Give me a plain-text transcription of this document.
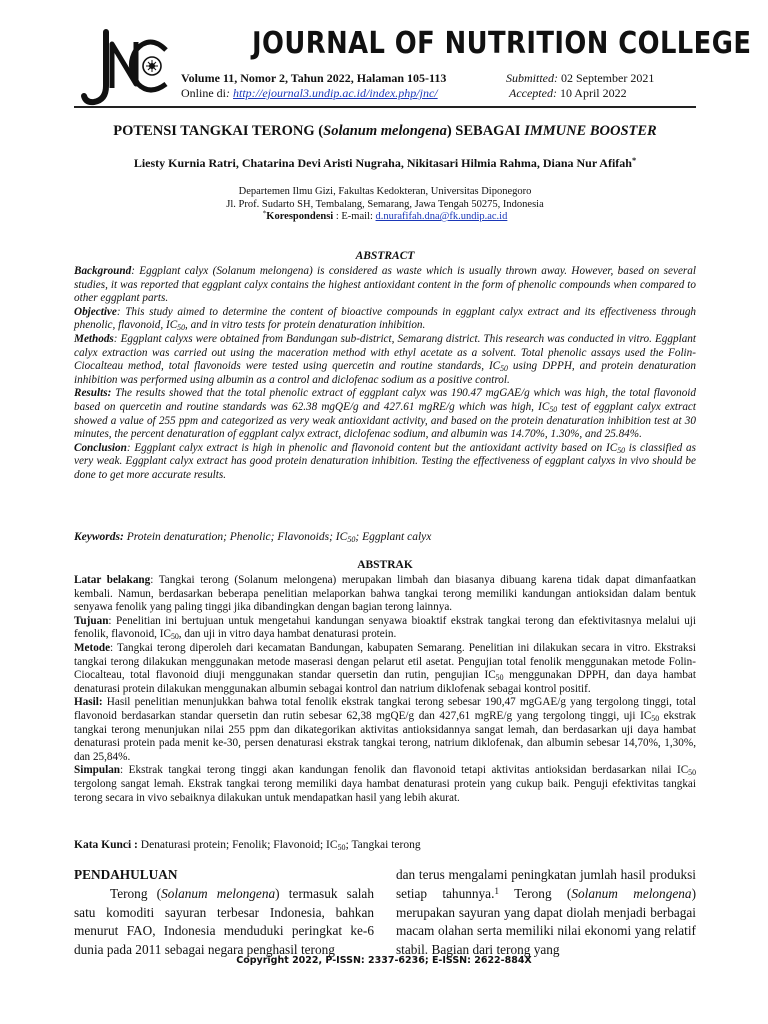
JOURNAL OF NUTRITION COLLEGE
Volume 11, Nomor 2, Tahun 2022, Halaman 105-113
Online di: http://ejournal3.undip.ac.id/index.php/jnc/
Submitted: 02 September 2021
Accepted: 10 April 2022
POTENSI TANGKAI TERONG (Solanum melongena) SEBAGAI IMMUNE BOOSTER
Liesty Kurnia Ratri, Chatarina Devi Aristi Nugraha, Nikitasari Hilmia Rahma, Diana Nur Afifah*
Departemen Ilmu Gizi, Fakultas Kedokteran, Universitas Diponegoro
Jl. Prof. Sudarto SH, Tembalang, Semarang, Jawa Tengah 50275, Indonesia
*Korespondensi : E-mail: d.nurafifah.dna@fk.undip.ac.id
ABSTRACT

Background: Eggplant calyx (Solanum melongena) is considered as waste which is usually thrown away. However, based on several studies, it was reported that eggplant calyx contains the highest antioxidant content in the form of phenolic compounds when compared to other eggplant parts.

Objective: This study aimed to determine the content of bioactive compounds in eggplant calyx extract and its effectiveness through phenolic, flavonoid, $IC_{50}$, and in vitro tests for protein denaturation inhibition.

Methods: Eggplant calyxs were obtained from Bandungan sub-district, Semarang district. This research was conducted in vitro. Eggplant calyx extraction was carried out using the maceration method with ethyl acetate as a solvent. Total phenolic assays used the Folin-Ciocalteau method, total flavonoids were tested using quercetin and routine standards, $IC_{50}$ using DPPH, and protein denaturation inhibition was performed using albumin as a control and diclofenac sodium as a positive control.

Results: The results showed that the total phenolic extract of eggplant calyx was 190.47 mgGAE/g which was high, the total flavonoid based on quercetin and routine standards was 62.38 mgQE/g and 427.61 mgRE/g which was high, $IC_{50}$ test of eggplant calyx extract showed a value of 255 ppm and categorized as very weak antioxidant activity, and based on the protein denaturation inhibition test at 30 minutes, the percent denaturation of eggplant calyx extract, diclofenac sodium, and albumin was 14.70%, 1.30%, and 25.84%.

Conclusion: Eggplant calyx extract is high in phenolic and flavonoid content but the antioxidant activity based on $IC_{50}$ is classified as very weak. Eggplant calyx extract has good protein denaturation inhibition. Testing the effectiveness of eggplant calyxs in vivo should be done to get more accurate results.

Keywords: Protein denaturation; Phenolic; Flavonoids; $IC_{50}$; Eggplant calyx
ABSTRAK

Latar belakang: Tangkai terong (Solanum melongena) merupakan limbah dan biasanya dibuang karena tidak dapat dimanfaatkan kembali. Namun, berdasarkan beberapa penelitian melaporkan bahwa tangkai terong memiliki kandungan antioksidan dalam bentuk senyawa fenolik yang paling tinggi jika dibandingkan dengan bagian terong lainnya.

Tujuan: Penelitian ini bertujuan untuk mengetahui kandungan senyawa bioaktif ekstrak tangkai terong dan efektivitasnya melalui uji fenolik, flavonoid, $IC_{50}$, dan uji in vitro daya hambat denaturasi protein.

Metode: Tangkai terong diperoleh dari kecamatan Bandungan, kabupaten Semarang. Penelitian ini dilakukan secara in vitro. Ekstraksi tangkai terong dilakukan menggunakan metode maserasi dengan pelarut etil asetat. Pengujian total fenolik menggunakan metode Folin-Ciocalteau, total flavonoid diuji menggunakan standar quersetin dan rutin, pengujian $IC_{50}$ menggunakan DPPH, dan daya hambat denaturasi protein dilakukan menggunakan albumin sebagai kontrol dan natrium diklofenak sebagai kontrol positif.

Hasil: Hasil penelitian menunjukkan bahwa total fenolik ekstrak tangkai terong sebesar 190,47 mgGAE/g yang tergolong tinggi, total flavonoid berdasarkan standar quersetin dan rutin sebesar 62,38 mgQE/g dan 427,61 mgRE/g yang tergolong tinggi, uji $IC_{50}$ ekstrak tangkai terong menunjukan nilai 255 ppm dan dikategorikan aktivitas antioksidannya sangat lemah, dan berdasarkan uji daya hambat denaturasi protein pada menit ke-30, persen denaturasi ekstrak tangkai terong, natrium diklofenak, dan albumin sebesar 14,70%, 1,30%, dan 25,84%.

Simpulan: Ekstrak tangkai terong tinggi akan kandungan fenolik dan flavonoid tetapi aktivitas antioksidan berdasarkan nilai $IC_{50}$ tergolong sangat lemah. Ekstrak tangkai terong memiliki daya hambat denaturasi protein yang cukup baik. Penguji efektivitas tangkai terong secara in vivo sebaiknya dilakukan untuk mendapatkan hasil yang lebih akurat.

Kata Kunci : Denaturasi protein; Fenolik; Flavonoid; $IC_{50}$; Tangkai terong
PENDAHULUAN

Terong (Solanum melongena) termasuk salah satu komoditi sayuran terbesar Indonesia, bahkan menurut FAO, Indonesia menduduki peringkat ke-6 dunia pada 2011 sebagai negara penghasil terong

dan terus mengalami peningkatan jumlah hasil produksi setiap tahunnya.$^1$ Terong (Solanum melongena) merupakan sayuran yang dapat diolah menjadi berbagai macam olahan serta memiliki nilai ekonomi yang relatif stabil. Bagian dari terong yang

Copyright 2022, P-ISSN: 2337-6236; E-ISSN: 2622-884X
